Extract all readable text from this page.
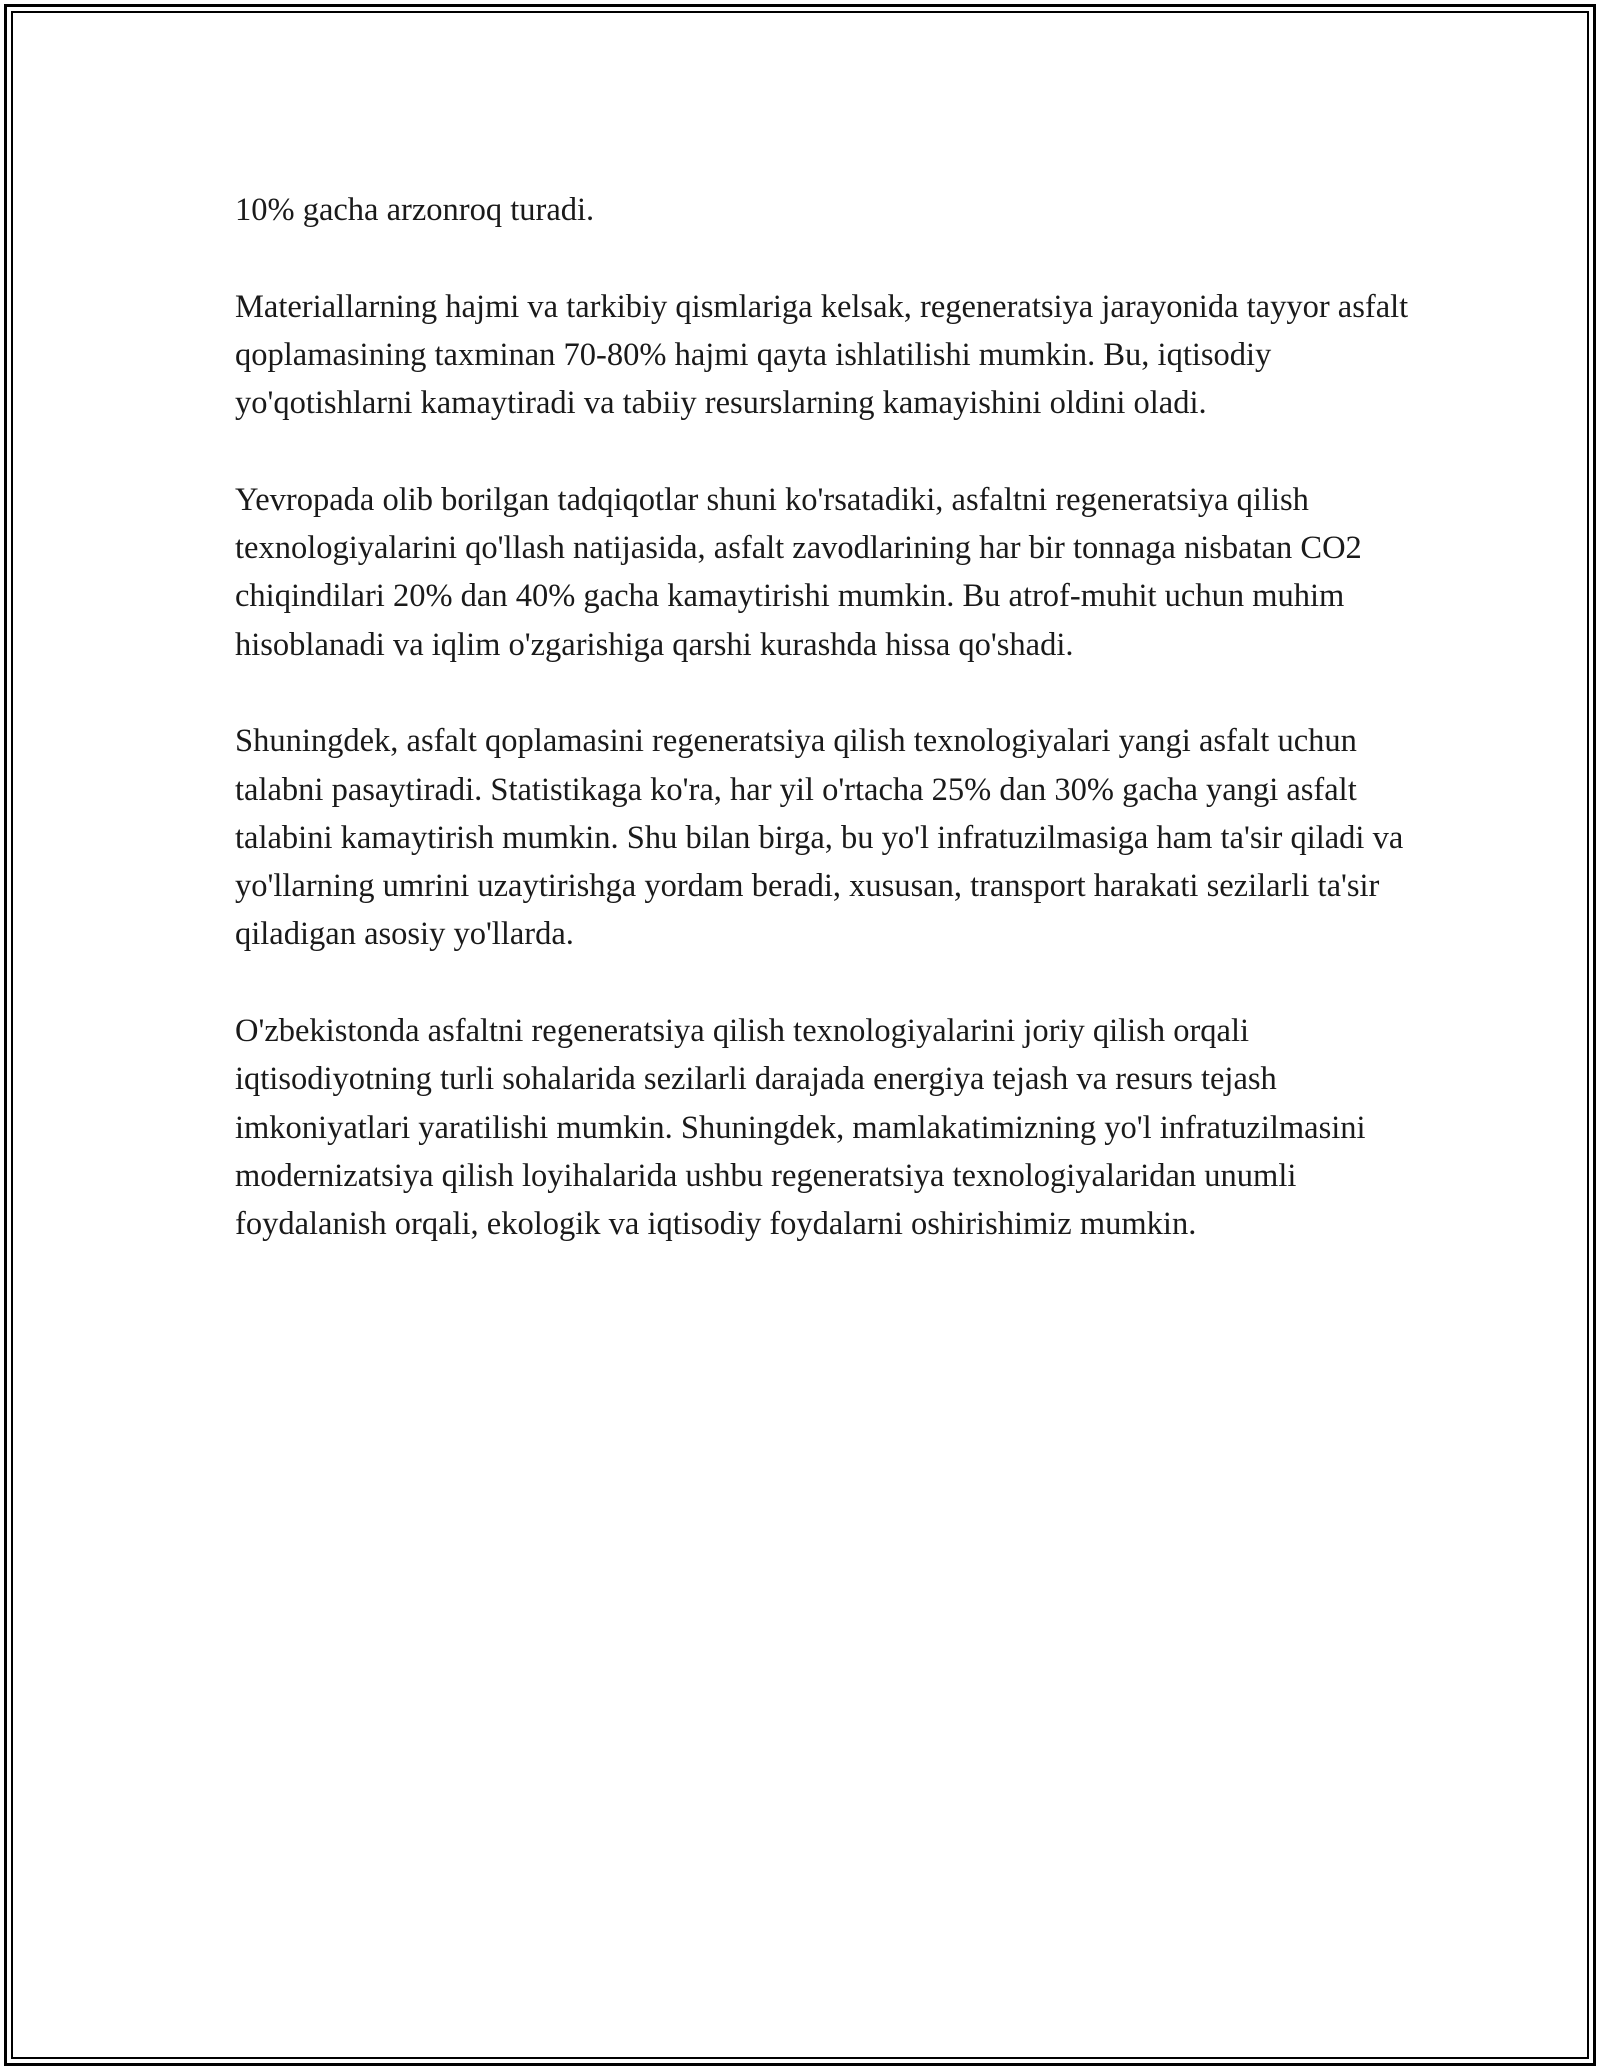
10% gacha arzonroq turadi.

Materiallarning hajmi va tarkibiy qismlariga kelsak, regeneratsiya jarayonida tayyor asfalt qoplamasining taxminan 70-80% hajmi qayta ishlatilishi mumkin. Bu, iqtisodiy yo'qotishlarni kamaytiradi va tabiiy resurslarning kamayishini oldini oladi.

Yevropada olib borilgan tadqiqotlar shuni ko'rsatadiki, asfaltni regeneratsiya qilish texnologiyalarini qo'llash natijasida, asfalt zavodlarining har bir tonnaga nisbatan CO2 chiqindilari 20% dan 40% gacha kamaytirishi mumkin. Bu atrof-muhit uchun muhim hisoblanadi va iqlim o'zgarishiga qarshi kurashda hissa qo'shadi.

Shuningdek, asfalt qoplamasini regeneratsiya qilish texnologiyalari yangi asfalt uchun talabni pasaytiradi. Statistikaga ko'ra, har yil o'rtacha 25% dan 30% gacha yangi asfalt talabini kamaytirish mumkin. Shu bilan birga, bu yo'l infratuzilmasiga ham ta'sir qiladi va yo'llarning umrini uzaytirishga yordam beradi, xususan, transport harakati sezilarli ta'sir qiladigan asosiy yo'llarda.

O'zbekistonda asfaltni regeneratsiya qilish texnologiyalarini joriy qilish orqali iqtisodiyotning turli sohalarida sezilarli darajada energiya tejash va resurs tejash imkoniyatlari yaratilishi mumkin. Shuningdek, mamlakatimizning yo'l infratuzilmasini modernizatsiya qilish loyihalarida ushbu regeneratsiya texnologiyalaridan unumli foydalanish orqali, ekologik va iqtisodiy foydalarni oshirishimiz mumkin.
